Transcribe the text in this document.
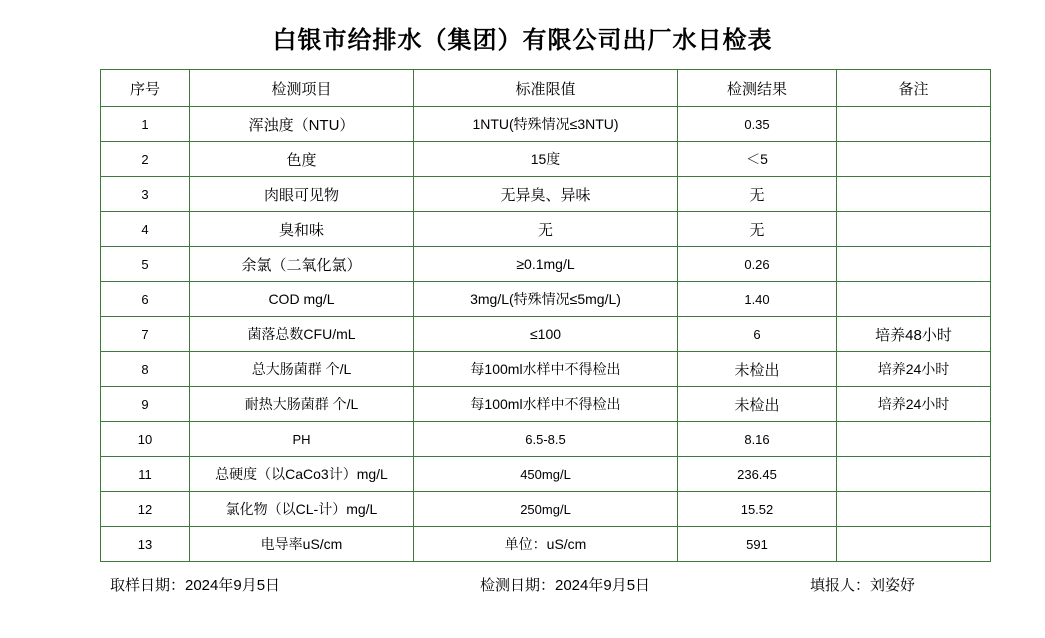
白银市给排水（集团）有限公司出厂水日检表
序号	检测项目	标准限值	检测结果	备注
1	浑浊度（NTU）	1NTU(特殊情况≤3NTU)	0.35	
2	色度	15度	＜5	
3	肉眼可见物	无异臭、异味	无	
4	臭和味	无	无	
5	余氯（二氧化氯）	≥0.1mg/L	0.26	
6	COD mg/L	3mg/L(特殊情况≤5mg/L)	1.40	
7	菌落总数CFU/mL	≤100	6	培养48小时
8	总大肠菌群 个/L	每100ml水样中不得检出	未检出	培养24小时
9	耐热大肠菌群 个/L	每100ml水样中不得检出	未检出	培养24小时
10	PH	6.5-8.5	8.16	
11	总硬度（以CaCo3计）mg/L	450mg/L	236.45	
12	氯化物（以CL-计）mg/L	250mg/L	15.52	
13	电导率uS/cm	单位：uS/cm	591	
取样日期：2024年9月5日	检测日期：2024年9月5日	填报人：刘姿妤
